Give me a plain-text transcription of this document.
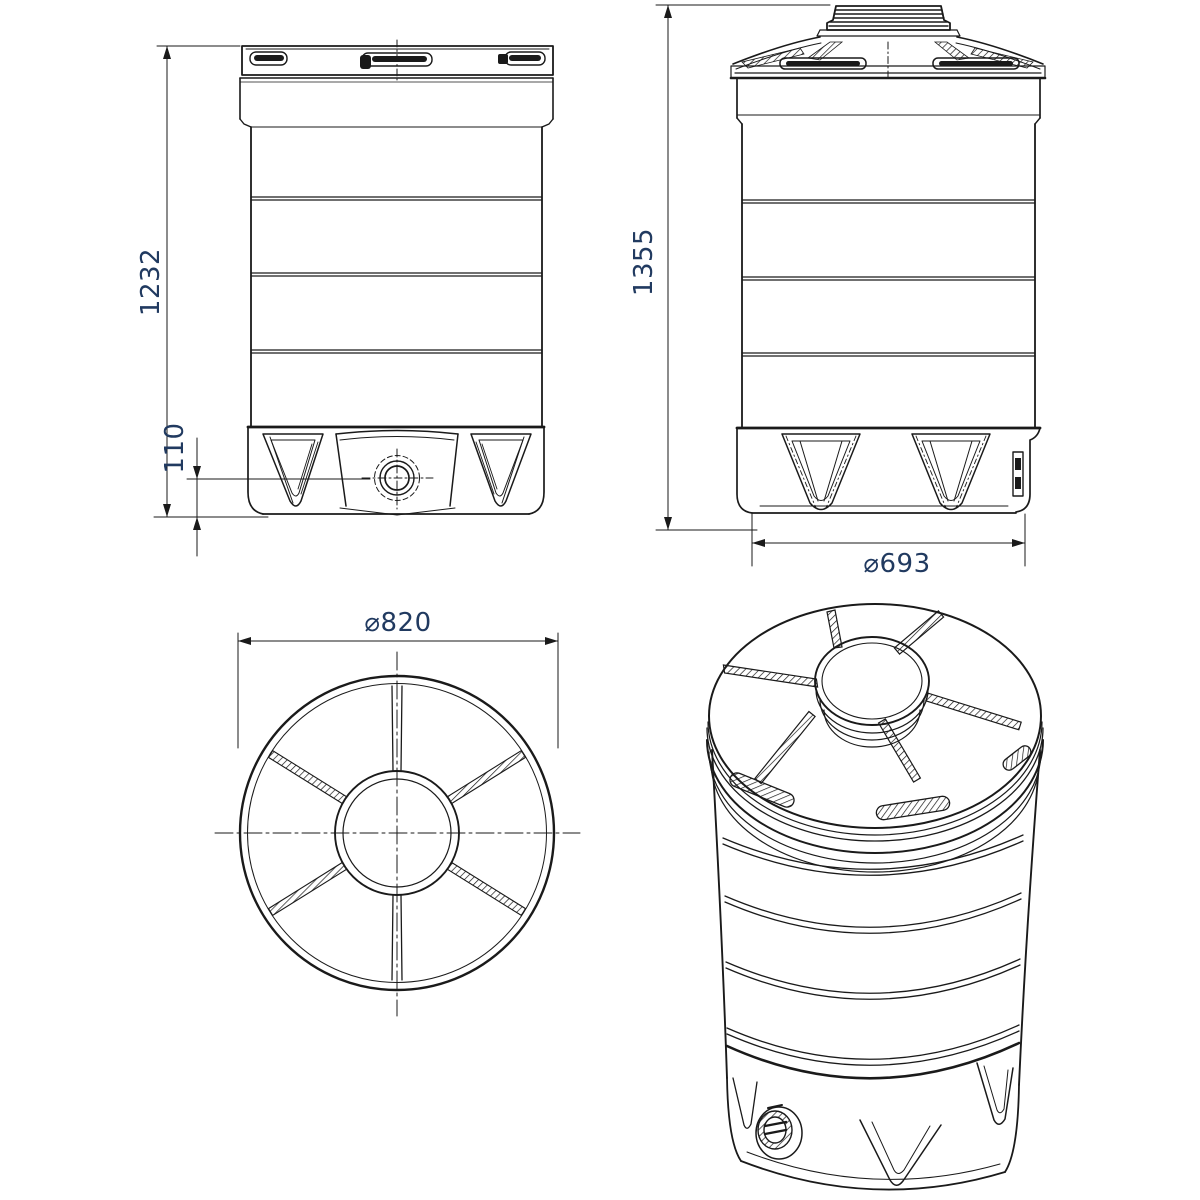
1232
110
1355
⌀693
⌀820
